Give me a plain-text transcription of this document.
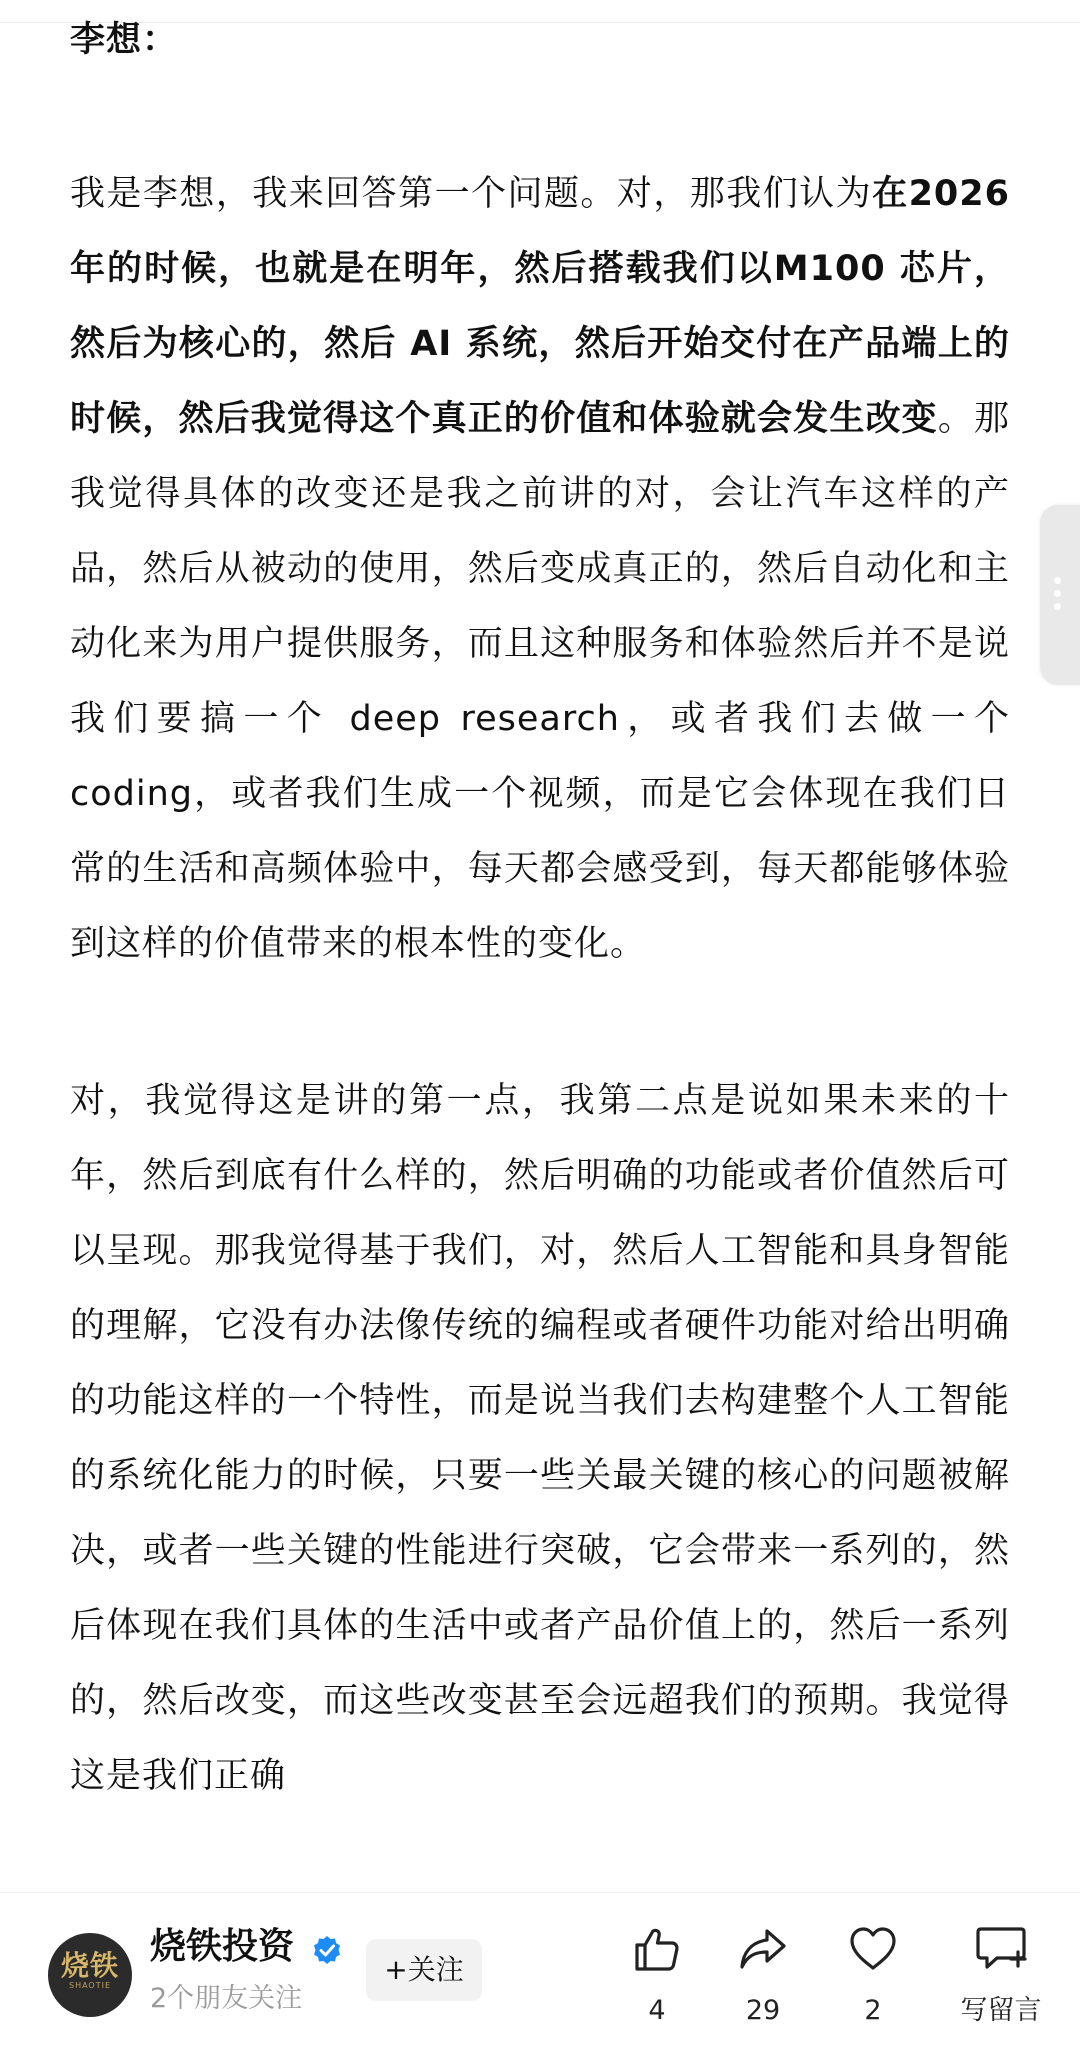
李想：

我是李想，我来回答第一个问题。对，那我们认为在2026 年的时候，也就是在明年，然后搭载我们以M100 芯片，然后为核心的，然后 AI 系统，然后开始交付在产品端上的时候，然后我觉得这个真正的价值和体验就会发生改变。那我觉得具体的改变还是我之前讲的对，会让汽车这样的产品，然后从被动的使用，然后变成真正的，然后自动化和主动化来为用户提供服务，而且这种服务和体验然后并不是说我们要搞一个 deep research，或者我们去做一个coding，或者我们生成一个视频，而是它会体现在我们日常的生活和高频体验中，每天都会感受到，每天都能够体验到这样的价值带来的根本性的变化。

对，我觉得这是讲的第一点，我第二点是说如果未来的十年，然后到底有什么样的，然后明确的功能或者价值然后可以呈现。那我觉得基于我们，对，然后人工智能和具身智能的理解，它没有办法像传统的编程或者硬件功能对给出明确的功能这样的一个特性，而是说当我们去构建整个人工智能的系统化能力的时候，只要一些关最关键的核心的问题被解决，或者一些关键的性能进行突破，它会带来一系列的，然后体现在我们具体的生活中或者产品价值上的，然后一系列的，然后改变，而这些改变甚至会远超我们的预期。我觉得这是我们正确

烧铁
SHAOTIE
烧铁投资
2个朋友关注
+关注
4	29	2	写留言
